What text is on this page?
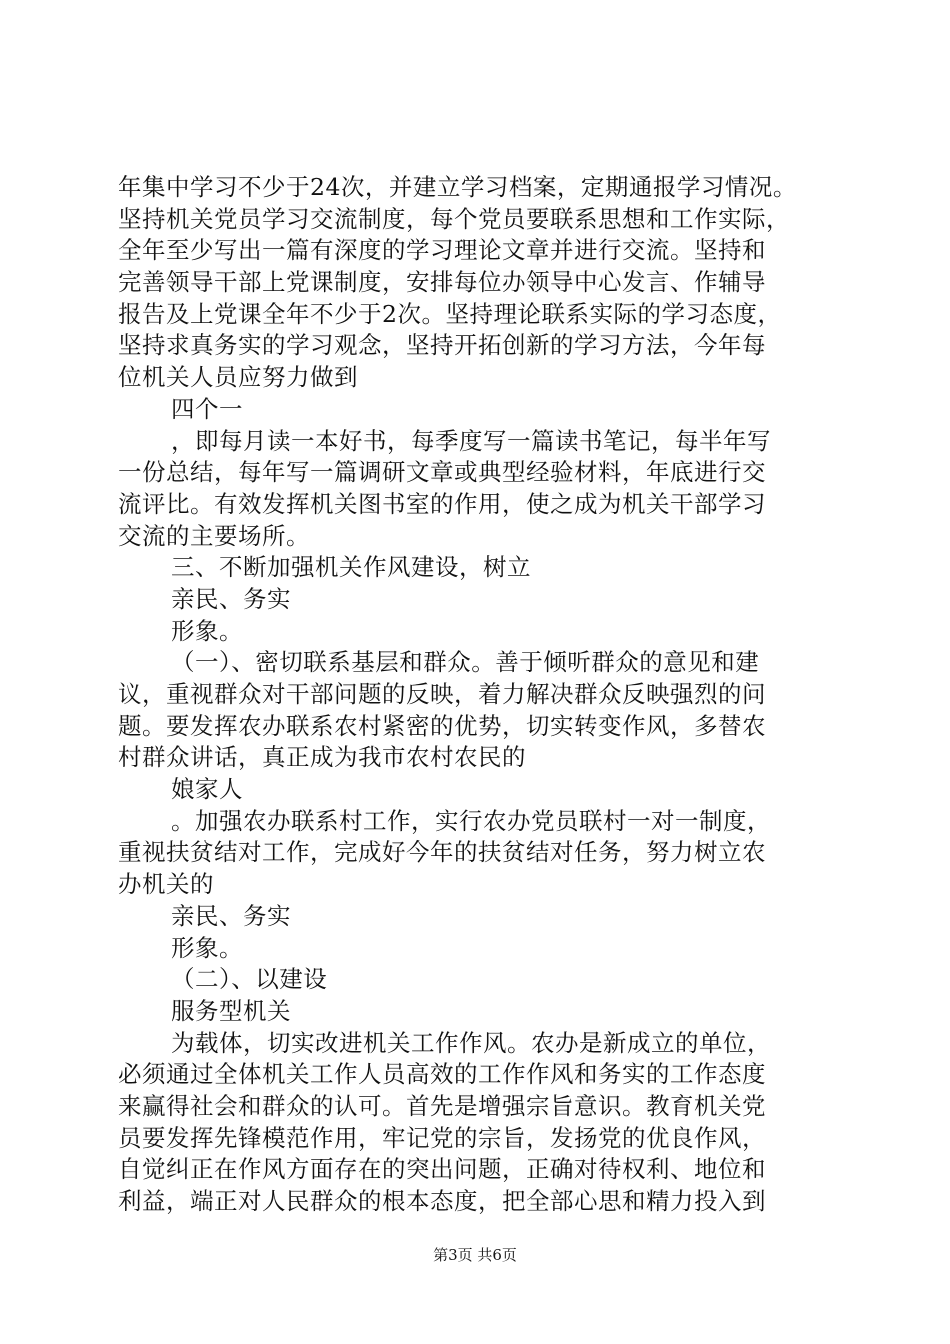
年集中学习不少于24次，并建立学习档案，定期通报学习情况。
坚持机关党员学习交流制度，每个党员要联系思想和工作实际，
全年至少写出一篇有深度的学习理论文章并进行交流。坚持和
完善领导干部上党课制度，安排每位办领导中心发言、作辅导
报告及上党课全年不少于2次。坚持理论联系实际的学习态度，
坚持求真务实的学习观念，坚持开拓创新的学习方法，今年每
位机关人员应努力做到
四个一
，即每月读一本好书，每季度写一篇读书笔记，每半年写
一份总结，每年写一篇调研文章或典型经验材料，年底进行交
流评比。有效发挥机关图书室的作用，使之成为机关干部学习
交流的主要场所。
三、不断加强机关作风建设，树立
亲民、务实
形象。
（一）、密切联系基层和群众。善于倾听群众的意见和建
议，重视群众对干部问题的反映，着力解决群众反映强烈的问
题。要发挥农办联系农村紧密的优势，切实转变作风，多替农
村群众讲话，真正成为我市农村农民的
娘家人
。加强农办联系村工作，实行农办党员联村一对一制度，
重视扶贫结对工作，完成好今年的扶贫结对任务，努力树立农
办机关的
亲民、务实
形象。
（二）、以建设
服务型机关
为载体，切实改进机关工作作风。农办是新成立的单位，
必须通过全体机关工作人员高效的工作作风和务实的工作态度
来赢得社会和群众的认可。首先是增强宗旨意识。教育机关党
员要发挥先锋模范作用，牢记党的宗旨，发扬党的优良作风，
自觉纠正在作风方面存在的突出问题，正确对待权利、地位和
利益，端正对人民群众的根本态度，把全部心思和精力投入到
第3页 共6页
